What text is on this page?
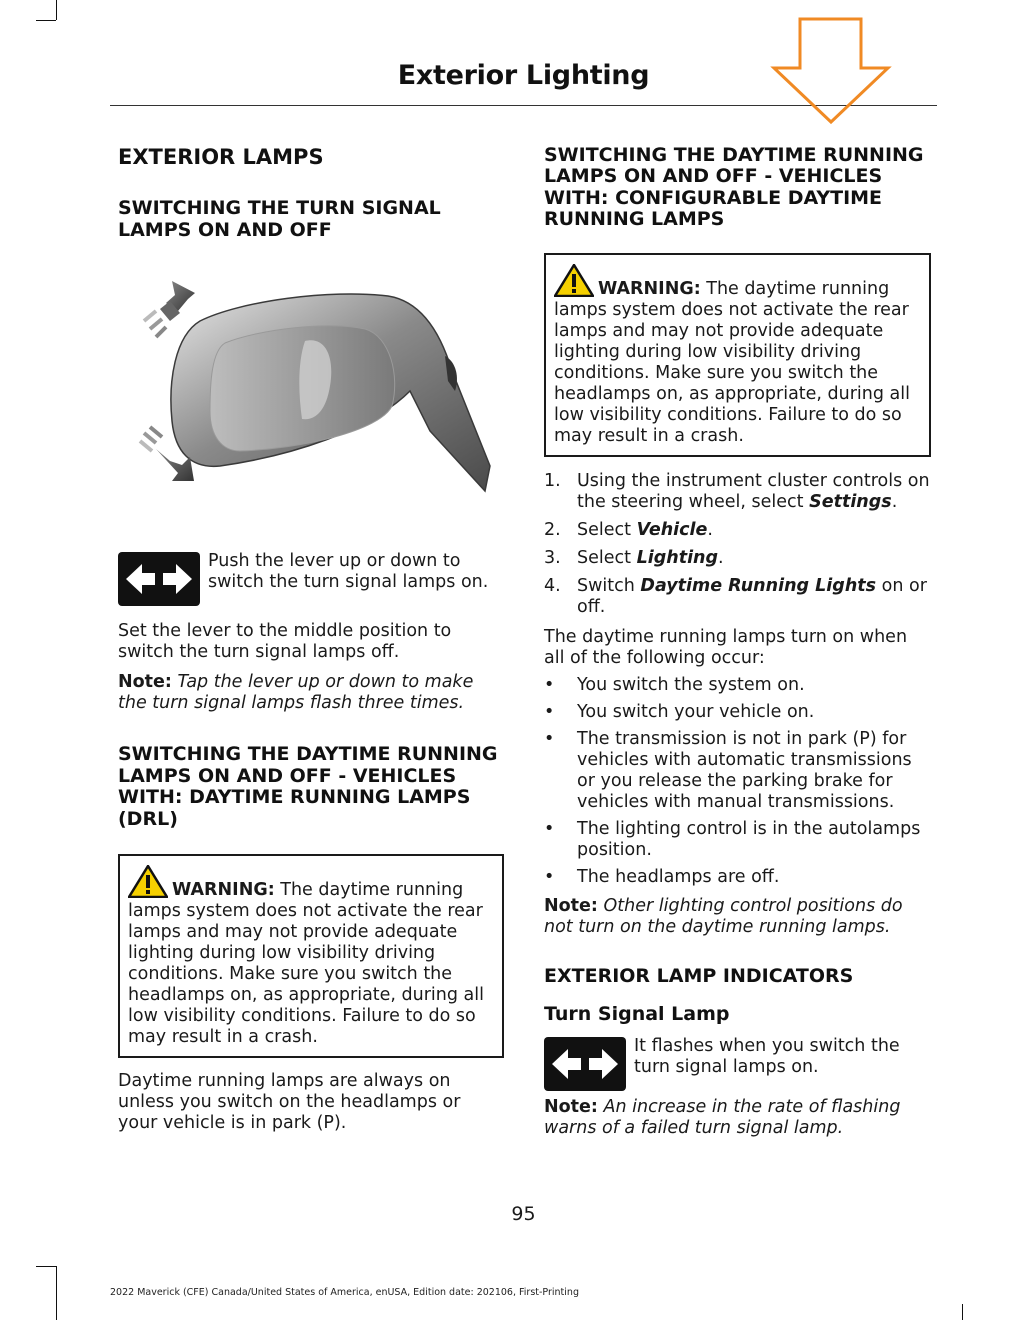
Exterior Lighting
EXTERIOR LAMPS
SWITCHING THE TURN SIGNAL LAMPS ON AND OFF

Push the lever up or down to switch the turn signal lamps on.

Set the lever to the middle position to switch the turn signal lamps off.

Note: Tap the lever up or down to make the turn signal lamps flash three times.

SWITCHING THE DAYTIME RUNNING LAMPS ON AND OFF - VEHICLES WITH: DAYTIME RUNNING LAMPS (DRL)
WARNING: The daytime running lamps system does not activate the rear lamps and may not provide adequate lighting during low visibility driving conditions. Make sure you switch the headlamps on, as appropriate, during all low visibility conditions. Failure to do so may result in a crash.

Daytime running lamps are always on unless you switch on the headlamps or your vehicle is in park (P).

SWITCHING THE DAYTIME RUNNING LAMPS ON AND OFF - VEHICLES WITH: CONFIGURABLE DAYTIME RUNNING LAMPS
WARNING: The daytime running lamps system does not activate the rear lamps and may not provide adequate lighting during low visibility driving conditions. Make sure you switch the headlamps on, as appropriate, during all low visibility conditions. Failure to do so may result in a crash.
1. Using the instrument cluster controls on the steering wheel, select Settings.
2. Select Vehicle.
3. Select Lighting.
4. Switch Daytime Running Lights on or off.

The daytime running lamps turn on when all of the following occur:

• You switch the system on.
• You switch your vehicle on.
• The transmission is not in park (P) for vehicles with automatic transmissions or you release the parking brake for vehicles with manual transmissions.
• The lighting control is in the autolamps position.
• The headlamps are off.

Note: Other lighting control positions do not turn on the daytime running lamps.

EXTERIOR LAMP INDICATORS
Turn Signal Lamp

It flashes when you switch the turn signal lamps on.

Note: An increase in the rate of flashing warns of a failed turn signal lamp.

95
2022 Maverick (CFE) Canada/United States of America, enUSA, Edition date: 202106, First-Printing
